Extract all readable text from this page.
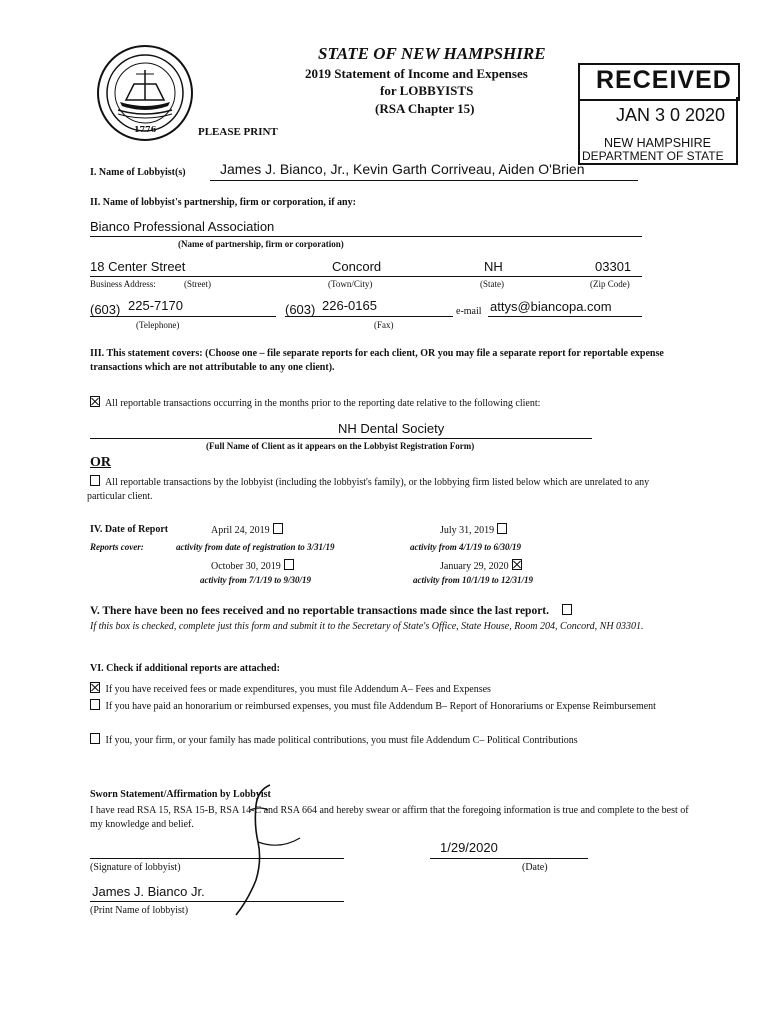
1776
STATE OF NEW HAMPSHIRE
2019 Statement of Income and Expenses
for LOBBYISTS
(RSA Chapter 15)
PLEASE PRINT
RECEIVED
JAN 3 0 2020
NEW HAMPSHIRE
DEPARTMENT OF STATE
I. Name of Lobbyist(s) James J. Bianco, Jr., Kevin Garth Corriveau, Aiden O'Brien
II. Name of lobbyist's partnership, firm or corporation, if any:
Bianco Professional Association
(Name of partnership, firm or corporation)
18 Center Street	Concord	NH	03301
Business Address:	(Street)	(Town/City)	(State)	(Zip Code)
(603) 225-7170	(603) 226-0165	e-mail attys@biancopa.com
(Telephone)	(Fax)
III. This statement covers: (Choose one – file separate reports for each client, OR you may file a separate report for reportable expense transactions which are not attributable to any one client).
All reportable transactions occurring in the months prior to the reporting date relative to the following client:
NH Dental Society
(Full Name of Client as it appears on the Lobbyist Registration Form)
OR
All reportable transactions by the lobbyist (including the lobbyist's family), or the lobbying firm listed below which are unrelated to any particular client.
IV. Date of Report
Reports cover:
April 24, 2019
activity from date of registration to 3/31/19
July 31, 2019
activity from 4/1/19 to 6/30/19
October 30, 2019
activity from 7/1/19 to 9/30/19
January 29, 2020
activity from 10/1/19 to 12/31/19
V. There have been no fees received and no reportable transactions made since the last report.
If this box is checked, complete just this form and submit it to the Secretary of State's Office, State House, Room 204, Concord, NH 03301.
VI. Check if additional reports are attached:
If you have received fees or made expenditures, you must file Addendum A– Fees and Expenses
If you have paid an honorarium or reimbursed expenses, you must file Addendum B– Report of Honorariums or Expense Reimbursement
If you, your firm, or your family has made political contributions, you must file Addendum C– Political Contributions
Sworn Statement/Affirmation by Lobbyist
I have read RSA 15, RSA 15-B, RSA 14-C and RSA 664 and hereby swear or affirm that the foregoing information is true and complete to the best of my knowledge and belief.
1/29/2020
(Signature of lobbyist)	(Date)
James J. Bianco Jr.
(Print Name of lobbyist)
